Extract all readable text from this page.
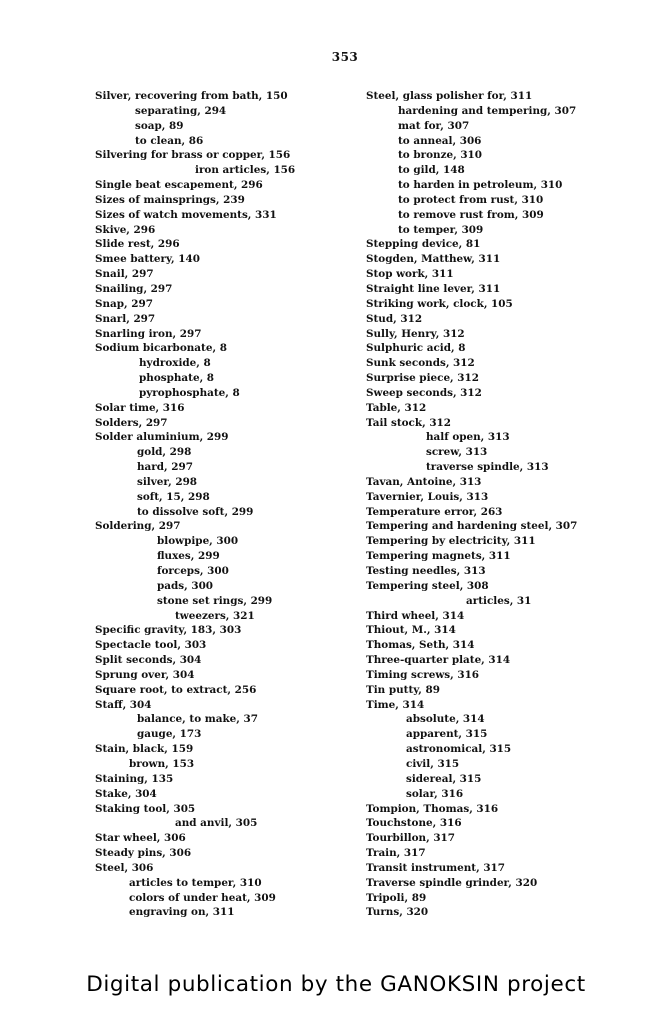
353
Silver, recovering from bath, 150
separating, 294
soap, 89
to clean, 86
Silvering for brass or copper, 156
iron articles, 156
Single beat escapement, 296
Sizes of mainsprings, 239
Sizes of watch movements, 331
Skive, 296
Slide rest, 296
Smee battery, 140
Snail, 297
Snailing, 297
Snap, 297
Snarl, 297
Snarling iron, 297
Sodium bicarbonate, 8
hydroxide, 8
phosphate, 8
pyrophosphate, 8
Solar time, 316
Solders, 297
Solder aluminium, 299
gold, 298
hard, 297
silver, 298
soft, 15, 298
to dissolve soft, 299
Soldering, 297
blowpipe, 300
fluxes, 299
forceps, 300
pads, 300
stone set rings, 299
tweezers, 321
Specific gravity, 183, 303
Spectacle tool, 303
Split seconds, 304
Sprung over, 304
Square root, to extract, 256
Staff, 304
balance, to make, 37
gauge, 173
Stain, black, 159
brown, 153
Staining, 135
Stake, 304
Staking tool, 305
and anvil, 305
Star wheel, 306
Steady pins, 306
Steel, 306
articles to temper, 310
colors of under heat, 309
engraving on, 311
Steel, glass polisher for, 311
hardening and tempering, 307
mat for, 307
to anneal, 306
to bronze, 310
to gild, 148
to harden in petroleum, 310
to protect from rust, 310
to remove rust from, 309
to temper, 309
Stepping device, 81
Stogden, Matthew, 311
Stop work, 311
Straight line lever, 311
Striking work, clock, 105
Stud, 312
Sully, Henry, 312
Sulphuric acid, 8
Sunk seconds, 312
Surprise piece, 312
Sweep seconds, 312
Table, 312
Tail stock, 312
half open, 313
screw, 313
traverse spindle, 313
Tavan, Antoine, 313
Tavernier, Louis, 313
Temperature error, 263
Tempering and hardening steel, 307
Tempering by electricity, 311
Tempering magnets, 311
Testing needles, 313
Tempering steel, 308
articles, 31
Third wheel, 314
Thiout, M., 314
Thomas, Seth, 314
Three-quarter plate, 314
Timing screws, 316
Tin putty, 89
Time, 314
absolute, 314
apparent, 315
astronomical, 315
civil, 315
sidereal, 315
solar, 316
Tompion, Thomas, 316
Touchstone, 316
Tourbillon, 317
Train, 317
Transit instrument, 317
Traverse spindle grinder, 320
Tripoli, 89
Turns, 320
Digital publication by the GANOKSIN project
